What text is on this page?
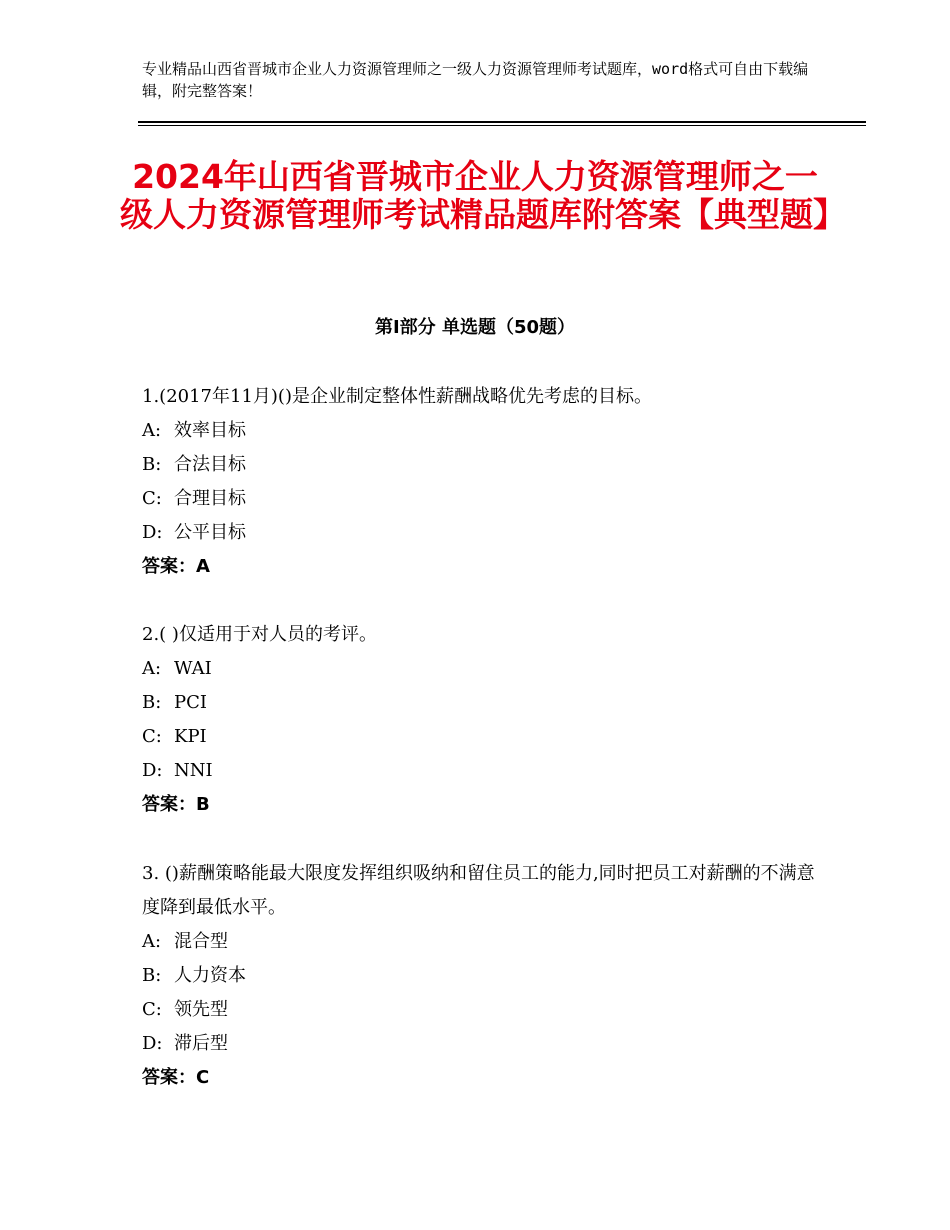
专业精品山西省晋城市企业人力资源管理师之一级人力资源管理师考试题库，word格式可自由下载编辑，附完整答案！
2024年山西省晋城市企业人力资源管理师之一级人力资源管理师考试精品题库附答案【典型题】
第Ⅰ部分 单选题（50题）
1.(2017年11月)()是企业制定整体性薪酬战略优先考虑的目标。
A: 效率目标
B: 合法目标
C: 合理目标
D: 公平目标
答案：A
2.( )仅适用于对人员的考评。
A: WAI
B: PCI
C: KPI
D: NNI
答案：B
3. ()薪酬策略能最大限度发挥组织吸纳和留住员工的能力,同时把员工对薪酬的不满意度降到最低水平。
A: 混合型
B: 人力资本
C: 领先型
D: 滞后型
答案：C
